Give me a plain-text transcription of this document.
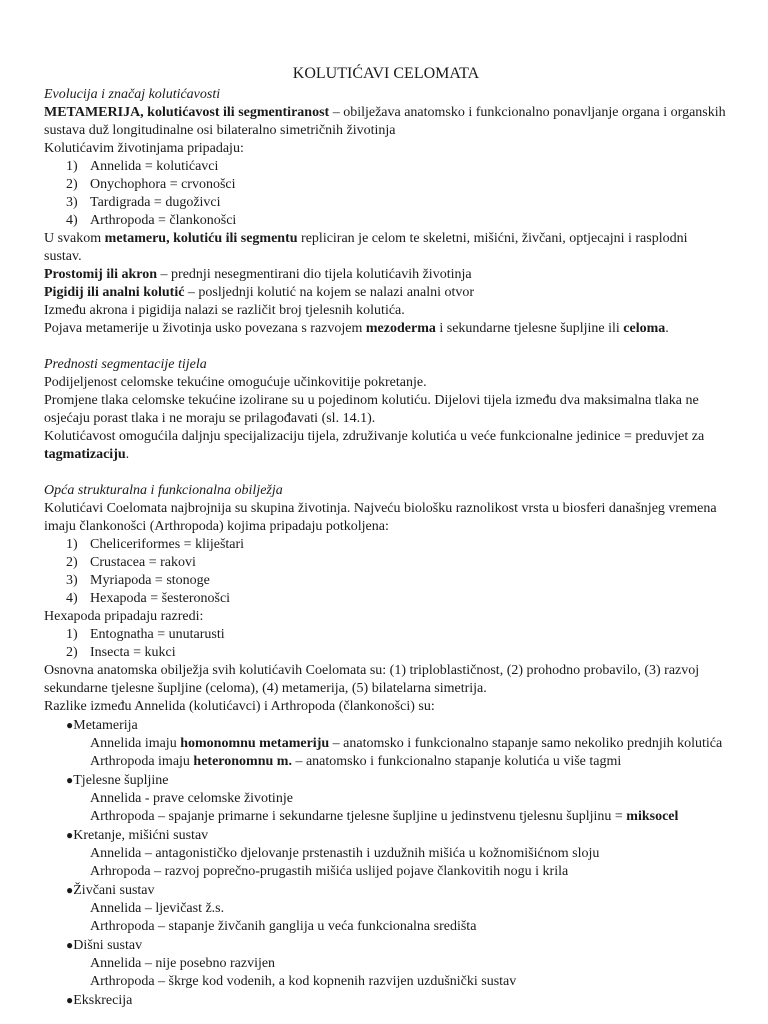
KOLUTIĆAVI CELOMATA
Evolucija i značaj kolutićavosti

METAMERIJA, kolutićavost ili segmentiranost – obilježava anatomsko i funkcionalno ponavljanje organa i organskih sustava duž longitudinalne osi bilateralno simetričnih životinja

Kolutićavim životinjama pripadaju:

1) Annelida = kolutićavci
2) Onychophora = crvonošci
3) Tardigrada = dugoživci
4) Arthropoda = člankonošci

U svakom metameru, kolutiću ili segmentu repliciran je celom te skeletni, mišićni, živčani, optjecajni i rasplodni sustav.

Prostomij ili akron – prednji nesegmentirani dio tijela kolutićavih životinja

Pigidij ili analni kolutić – posljednji kolutić na kojem se nalazi analni otvor

Između akrona i pigidija nalazi se različit broj tjelesnih kolutića.

Pojava metamerije u životinja usko povezana s razvojem mezoderma i sekundarne tjelesne šupljine ili celoma.

Prednosti segmentacije tijela

Podijeljenost celomske tekućine omogućuje učinkovitije pokretanje.

Promjene tlaka celomske tekućine izolirane su u pojedinom kolutiću. Dijelovi tijela između dva maksimalna tlaka ne osjećaju porast tlaka i ne moraju se prilagođavati (sl. 14.1).

Kolutićavost omogućila daljnju specijalizaciju tijela, združivanje kolutića u veće funkcionalne jedinice = preduvjet za tagmatizaciju.

Opća strukturalna i funkcionalna obilježja

Kolutićavi Coelomata najbrojnija su skupina životinja. Najveću biološku raznolikost vrsta u biosferi današnjeg vremena imaju člankonošci (Arthropoda) kojima pripadaju potkoljena:

1) Cheliceriformes = kliještari
2) Crustacea = rakovi
3) Myriapoda = stonoge
4) Hexapoda = šesteronošci

Hexapoda pripadaju razredi:

1) Entognatha = unutarusti
2) Insecta = kukci

Osnovna anatomska obilježja svih kolutićavih Coelomata su: (1) triploblastičnost, (2) prohodno probavilo, (3) razvoj sekundarne tjelesne šupljine (celoma), (4) metamerija, (5) bilatelarna simetrija.

Razlike između Annelida (kolutićavci) i Arthropoda (člankonošci) su:

●Metamerija
Annelida imaju homonomnu metameriju – anatomsko i funkcionalno stapanje samo nekoliko prednjih kolutića
Arthropoda imaju heteronomnu m. – anatomsko i funkcionalno stapanje kolutića u više tagmi
●Tjelesne šupljine
Annelida - prave celomske životinje
Arthropoda – spajanje primarne i sekundarne tjelesne šupljine u jedinstvenu tjelesnu šupljinu = miksocel
●Kretanje, mišićni sustav
Annelida – antagonističko djelovanje prstenastih i uzdužnih mišića u kožnomišićnom sloju
Arhropoda – razvoj poprečno-prugastih mišića uslijed pojave člankovitih nogu i krila
●Živčani sustav
Annelida – ljevičast ž.s.
Arthropoda – stapanje živčanih ganglija u veća funkcionalna središta
●Dišni sustav
Annelida – nije posebno razvijen
Arthropoda – škrge kod vodenih, a kod kopnenih razvijen uzdušnički sustav
●Ekskrecija
